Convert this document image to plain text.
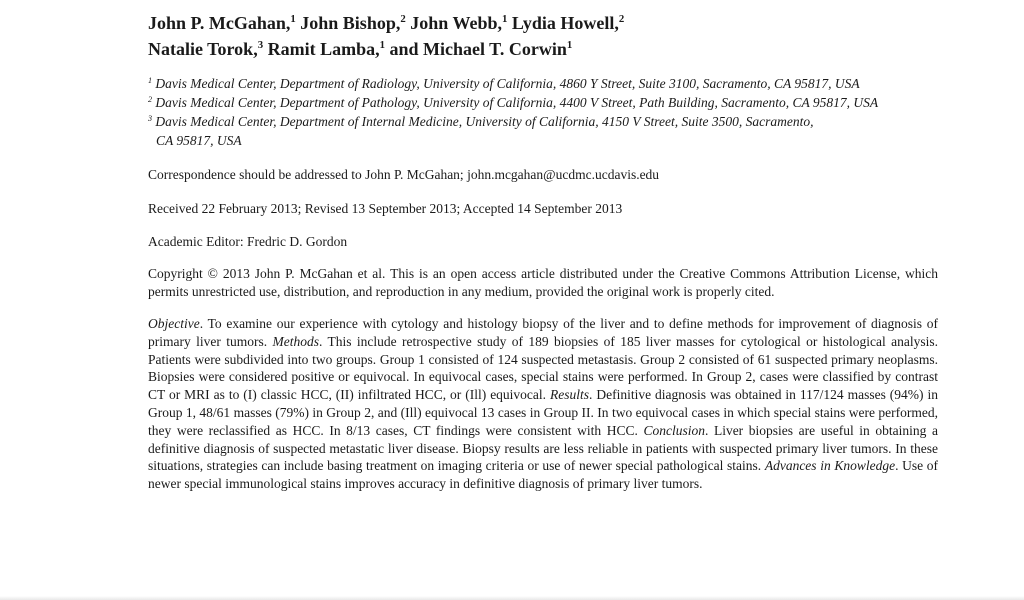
John P. McGahan,$^1$ John Bishop,$^2$ John Webb,$^1$ Lydia Howell,$^2$
Natalie Torok,$^3$ Ramit Lamba,$^1$ and Michael T. Corwin$^1$

$^1$ Davis Medical Center, Department of Radiology, University of California, 4860 Y Street, Suite 3100, Sacramento, CA 95817, USA
$^2$ Davis Medical Center, Department of Pathology, University of California, 4400 V Street, Path Building, Sacramento, CA 95817, USA
$^3$ Davis Medical Center, Department of Internal Medicine, University of California, 4150 V Street, Suite 3500, Sacramento,
CA 95817, USA

Correspondence should be addressed to John P. McGahan; john.mcgahan@ucdmc.ucdavis.edu

Received 22 February 2013; Revised 13 September 2013; Accepted 14 September 2013

Academic Editor: Fredric D. Gordon

Copyright © 2013 John P. McGahan et al. This is an open access article distributed under the Creative Commons Attribution License, which permits unrestricted use, distribution, and reproduction in any medium, provided the original work is properly cited.

Objective. To examine our experience with cytology and histology biopsy of the liver and to define methods for improvement of diagnosis of primary liver tumors. Methods. This include retrospective study of 189 biopsies of 185 liver masses for cytological or histological analysis. Patients were subdivided into two groups. Group 1 consisted of 124 suspected metastasis. Group 2 consisted of 61 suspected primary neoplasms. Biopsies were considered positive or equivocal. In equivocal cases, special stains were performed. In Group 2, cases were classified by contrast CT or MRI as to (I) classic HCC, (II) infiltrated HCC, or (Ill) equivocal. Results. Definitive diagnosis was obtained in 117/124 masses (94%) in Group 1, 48/61 masses (79%) in Group 2, and (Ill) equivocal 13 cases in Group II. In two equivocal cases in which special stains were performed, they were reclassified as HCC. In 8/13 cases, CT findings were consistent with HCC. Conclusion. Liver biopsies are useful in obtaining a definitive diagnosis of suspected metastatic liver disease. Biopsy results are less reliable in patients with suspected primary liver tumors. In these situations, strategies can include basing treatment on imaging criteria or use of newer special pathological stains. Advances in Knowledge. Use of newer special immunological stains improves accuracy in definitive diagnosis of primary liver tumors.
